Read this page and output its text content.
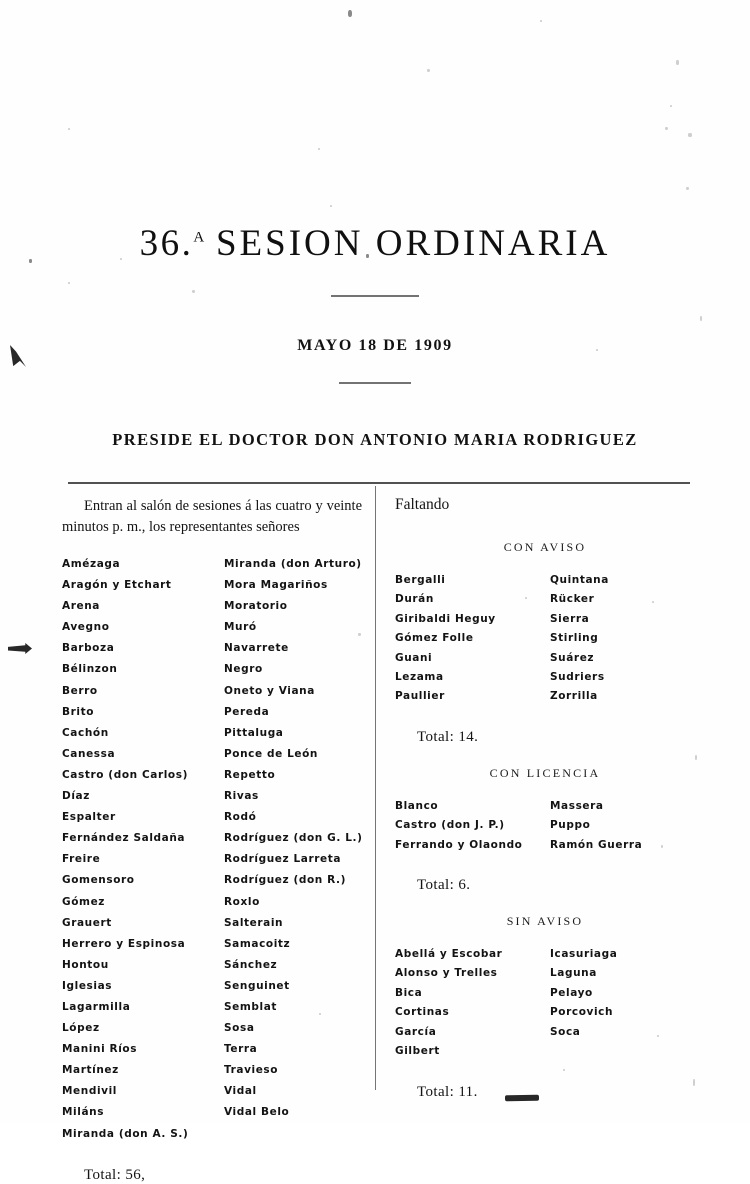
36.$^A$ SESION ORDINARIA
MAYO 18 DE 1909
PRESIDE EL DOCTOR DON ANTONIO MARIA RODRIGUEZ
Entran al salón de sesiones á las cuatro y veinte minutos p. m., los representantes señores
Amézaga
Aragón y Etchart
Arena
Avegno
Barboza
Bélinzon
Berro
Brito
Cachón
Canessa
Castro (don Carlos)
Díaz
Espalter
Fernández Saldaña
Freire
Gomensoro
Gómez
Grauert
Herrero y Espinosa
Hontou
Iglesias
Lagarmilla
López
Manini Ríos
Martínez
Mendivil
Miláns
Miranda (don A. S.)
Miranda (don Arturo)
Mora Magariños
Moratorio
Muró
Navarrete
Negro
Oneto y Viana
Pereda
Pittaluga
Ponce de León
Repetto
Rivas
Rodó
Rodríguez (don G. L.)
Rodríguez Larreta
Rodríguez (don R.)
Roxlo
Salterain
Samacoitz
Sánchez
Senguinet
Semblat
Sosa
Terra
Travieso
Vidal
Vidal Belo
Total: 56,
Faltando
CON AVISO
Bergalli
Durán
Giribaldi Heguy
Gómez Folle
Guani
Lezama
Paullier
Quintana
Rücker
Sierra
Stirling
Suárez
Sudriers
Zorrilla
Total: 14.
CON LICENCIA
Blanco
Castro (don J. P.)
Ferrando y Olaondo
Massera
Puppo
Ramón Guerra
Total: 6.
SIN AVISO
Abellá y Escobar
Alonso y Trelles
Bica
Cortinas
García
Gilbert
Icasuriaga
Laguna
Pelayo
Porcovich
Soca
Total: 11.
